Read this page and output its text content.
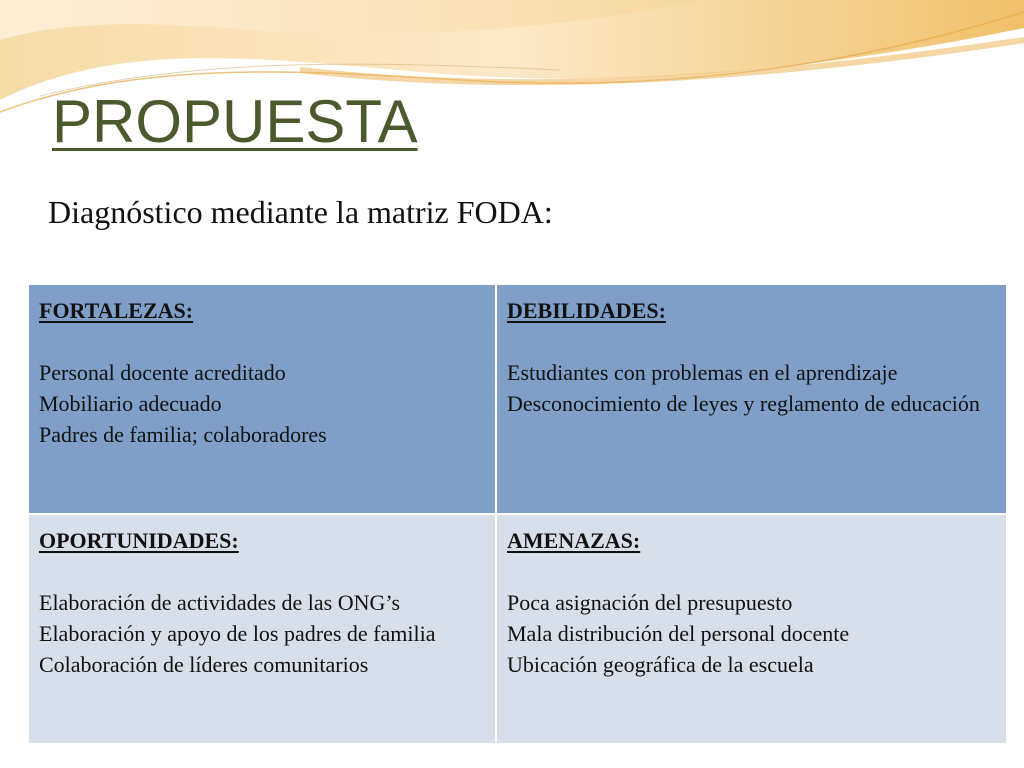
PROPUESTA

Diagnóstico mediante la matriz FODA:

FORTALEZAS:
Personal docente acreditado
Mobiliario adecuado
Padres de familia; colaboradores
DEBILIDADES:
Estudiantes con problemas en el aprendizaje
Desconocimiento de leyes y reglamento de educación
OPORTUNIDADES:
Elaboración de actividades de las ONG’s
Elaboración y apoyo de los padres de familia
Colaboración de líderes comunitarios
AMENAZAS:
Poca asignación del presupuesto
Mala distribución del personal docente
Ubicación geográfica de la escuela
